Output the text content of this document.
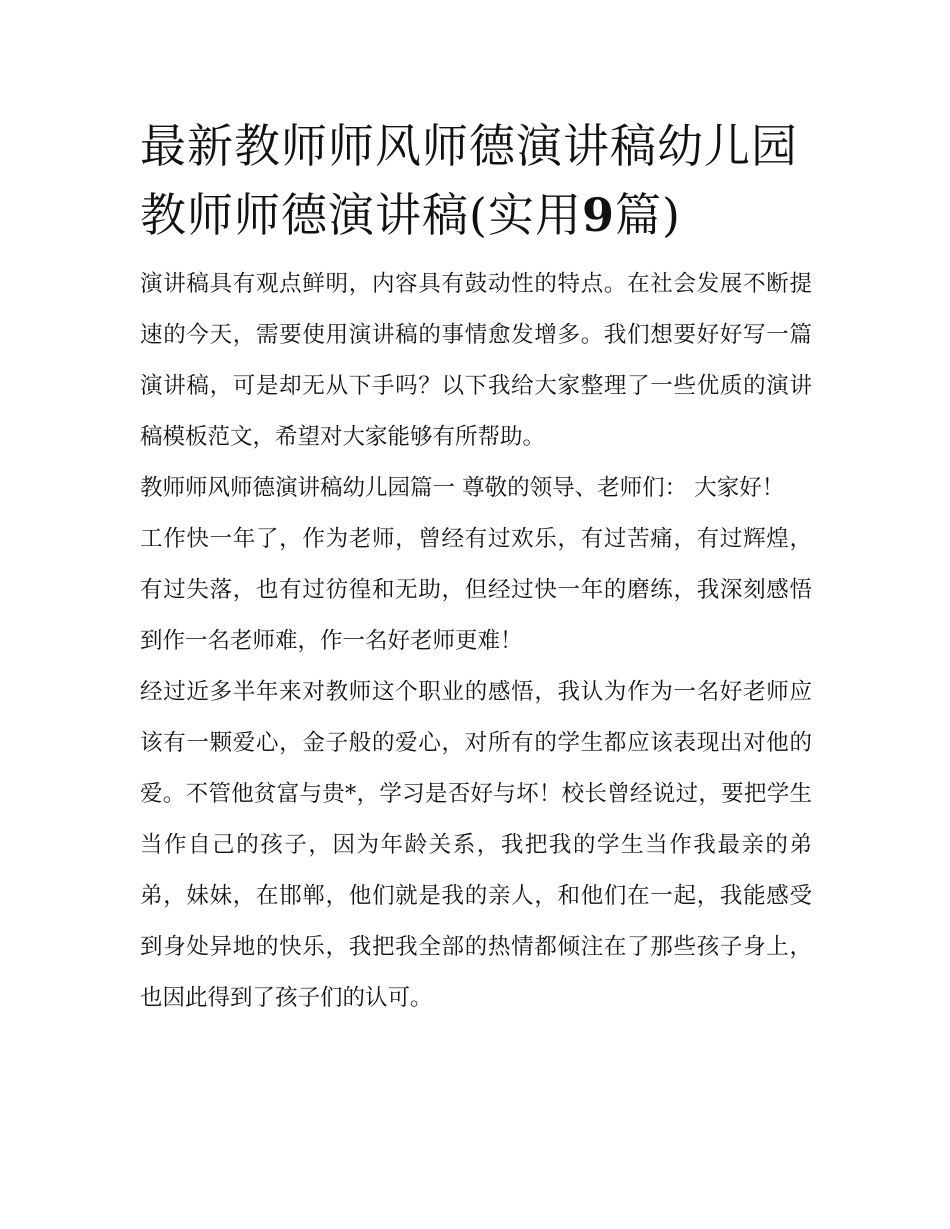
最新教师师风师德演讲稿幼儿园 教师师德演讲稿(实用9篇)

演讲稿具有观点鲜明，内容具有鼓动性的特点。在社会发展不断提速的今天，需要使用演讲稿的事情愈发增多。我们想要好好写一篇演讲稿，可是却无从下手吗？以下我给大家整理了一些优质的演讲稿模板范文，希望对大家能够有所帮助。

教师师风师德演讲稿幼儿园篇一 尊敬的领导、老师们： 大家好！

工作快一年了，作为老师，曾经有过欢乐，有过苦痛，有过辉煌，有过失落，也有过彷徨和无助，但经过快一年的磨练，我深刻感悟到作一名老师难，作一名好老师更难！

经过近多半年来对教师这个职业的感悟，我认为作为一名好老师应该有一颗爱心，金子般的爱心，对所有的学生都应该表现出对他的爱。不管他贫富与贵*，学习是否好与坏！校长曾经说过，要把学生当作自己的孩子，因为年龄关系，我把我的学生当作我最亲的弟弟，妹妹，在邯郸，他们就是我的亲人，和他们在一起，我能感受到身处异地的快乐，我把我全部的热情都倾注在了那些孩子身上，也因此得到了孩子们的认可。
